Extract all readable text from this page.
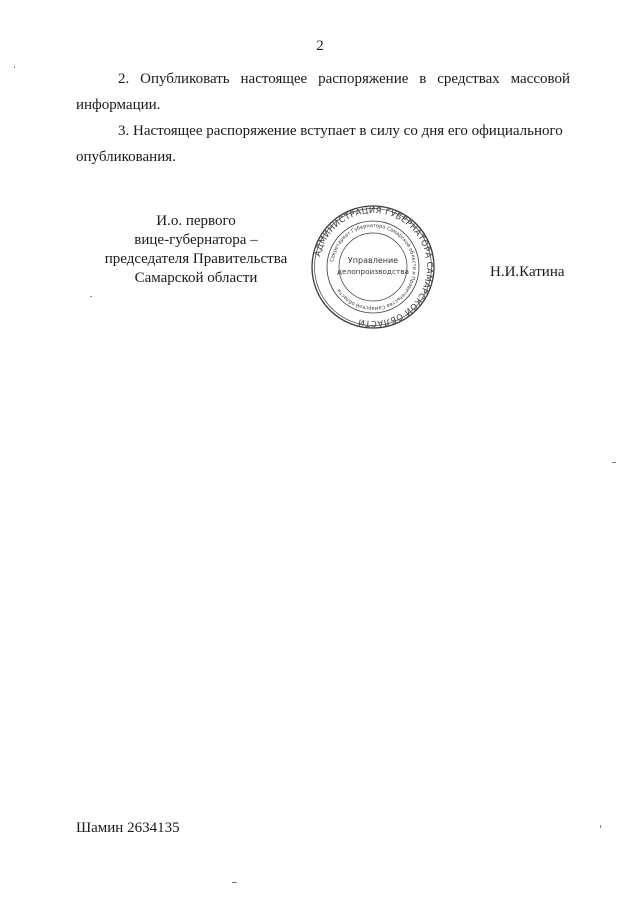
2

2. Опубликовать настоящее распоряжение в средствах массовой информации.

3. Настоящее распоряжение вступает в силу со дня его официального опубликования.

И.о. первого
вице-губернатора –
председателя Правительства
Самарской области
АДМИНИСТРАЦИЯ ГУБЕРНАТОРА САМАРСКОЙ ОБЛАСТИ
Секретариат Губернатора Самарской области и Правительства Самарской области
Управление
делопроизводства	Н.И.Катина
Шамин 2634135
